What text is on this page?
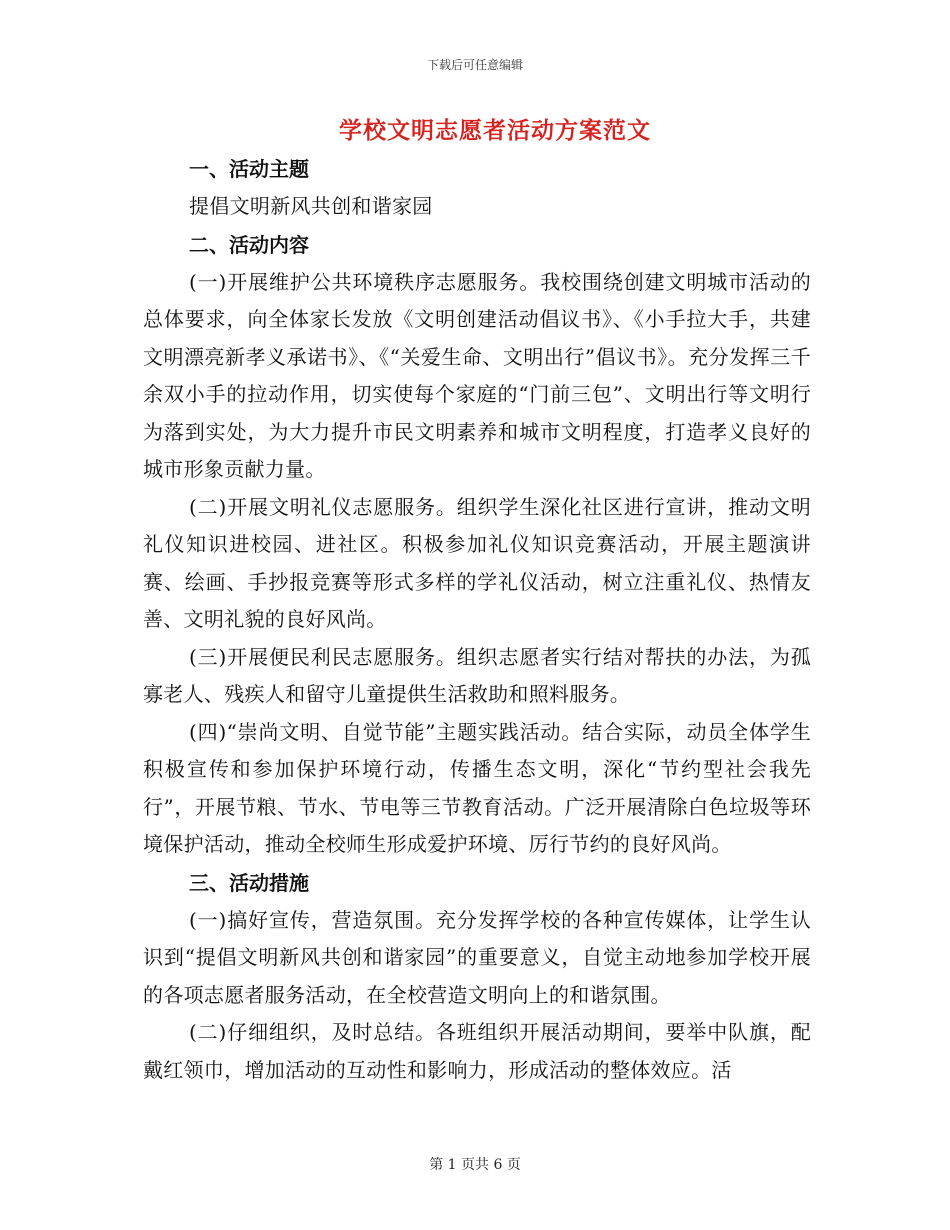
下载后可任意编辑
学校文明志愿者活动方案范文
一、活动主题

提倡文明新风共创和谐家园

二、活动内容

(一)开展维护公共环境秩序志愿服务。我校围绕创建文明城市活动的总体要求，向全体家长发放《文明创建活动倡议书》、《小手拉大手，共建文明漂亮新孝义承诺书》、《“关爱生命、文明出行”倡议书》。充分发挥三千余双小手的拉动作用，切实使每个家庭的“门前三包”、文明出行等文明行为落到实处，为大力提升市民文明素养和城市文明程度，打造孝义良好的城市形象贡献力量。

(二)开展文明礼仪志愿服务。组织学生深化社区进行宣讲，推动文明礼仪知识进校园、进社区。积极参加礼仪知识竞赛活动，开展主题演讲赛、绘画、手抄报竞赛等形式多样的学礼仪活动，树立注重礼仪、热情友善、文明礼貌的良好风尚。

(三)开展便民利民志愿服务。组织志愿者实行结对帮扶的办法，为孤寡老人、残疾人和留守儿童提供生活救助和照料服务。

(四)“崇尚文明、自觉节能”主题实践活动。结合实际，动员全体学生积极宣传和参加保护环境行动，传播生态文明，深化“节约型社会我先行”，开展节粮、节水、节电等三节教育活动。广泛开展清除白色垃圾等环境保护活动，推动全校师生形成爱护环境、厉行节约的良好风尚。

三、活动措施

(一)搞好宣传，营造氛围。充分发挥学校的各种宣传媒体，让学生认识到“提倡文明新风共创和谐家园”的重要意义，自觉主动地参加学校开展的各项志愿者服务活动，在全校营造文明向上的和谐氛围。

(二)仔细组织，及时总结。各班组织开展活动期间，要举中队旗，配戴红领巾，增加活动的互动性和影响力，形成活动的整体效应。活

第 1 页共 6 页
